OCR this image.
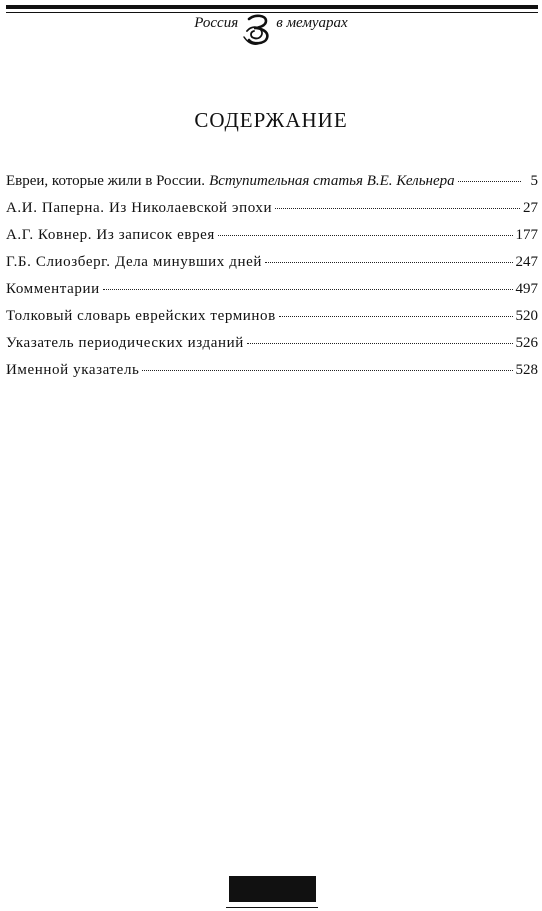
Россия	в мемуарах
СОДЕРЖАНИЕ
Евреи, которые жили в России. Вступительная статья В.Е. Кельнера	5
А.И. Паперна. Из Николаевской эпохи	27
А.Г. Ковнер. Из записок еврея	177
Г.Б. Слиозберг. Дела минувших дней	247
Комментарии	497
Толковый словарь еврейских терминов	520
Указатель периодических изданий	526
Именной указатель	528
